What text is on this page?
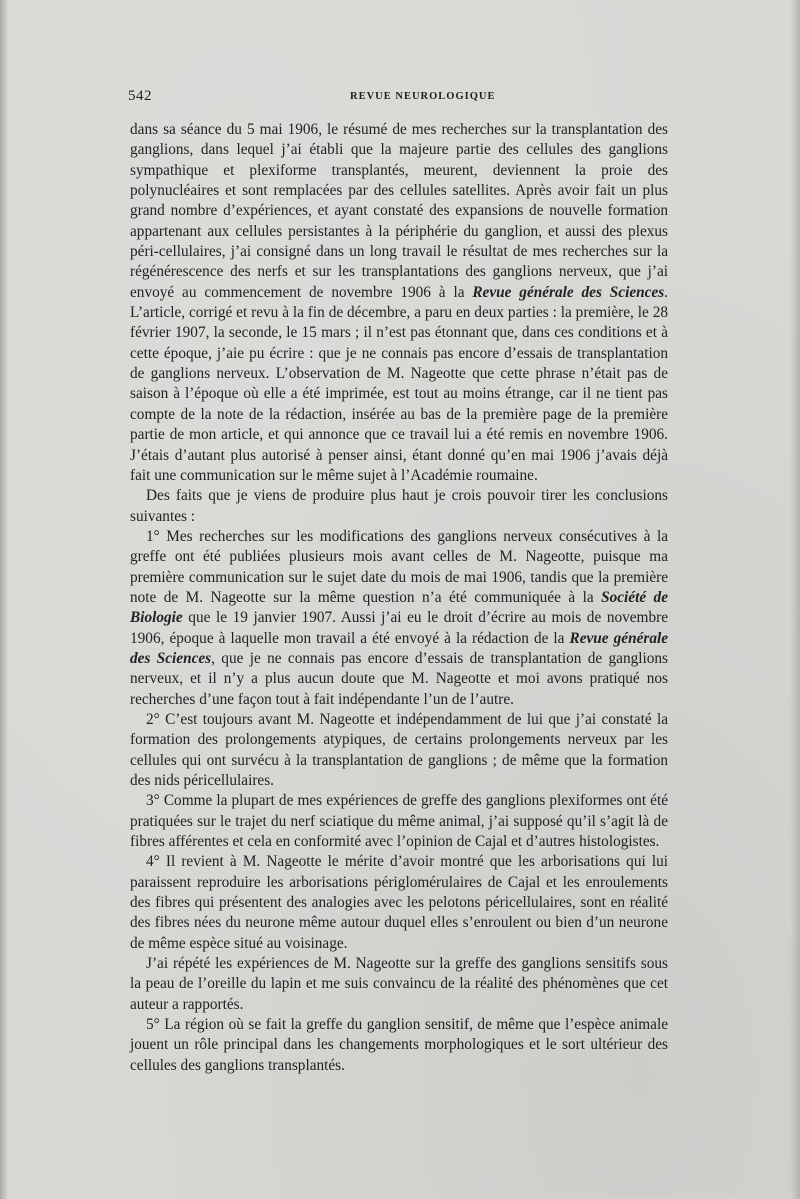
542	REVUE NEUROLOGIQUE

dans sa séance du 5 mai 1906, le résumé de mes recherches sur la transplantation des ganglions, dans lequel j’ai établi que la majeure partie des cellules des ganglions sympathique et plexiforme transplantés, meurent, deviennent la proie des polynucléaires et sont remplacées par des cellules satellites. Après avoir fait un plus grand nombre d’expériences, et ayant constaté des expansions de nouvelle formation appartenant aux cellules persistantes à la périphérie du ganglion, et aussi des plexus péri-cellulaires, j’ai consigné dans un long travail le résultat de mes recherches sur la régénérescence des nerfs et sur les transplantations des ganglions nerveux, que j’ai envoyé au commencement de novembre 1906 à la Revue générale des Sciences. L’article, corrigé et revu à la fin de décembre, a paru en deux parties : la première, le 28 février 1907, la seconde, le 15 mars ; il n’est pas étonnant que, dans ces conditions et à cette époque, j’aie pu écrire : que je ne connais pas encore d’essais de transplantation de ganglions nerveux. L’observation de M. Nageotte que cette phrase n’était pas de saison à l’époque où elle a été imprimée, est tout au moins étrange, car il ne tient pas compte de la note de la rédaction, insérée au bas de la première page de la première partie de mon article, et qui annonce que ce travail lui a été remis en novembre 1906. J’étais d’autant plus autorisé à penser ainsi, étant donné qu’en mai 1906 j’avais déjà fait une communication sur le même sujet à l’Académie roumaine.

Des faits que je viens de produire plus haut je crois pouvoir tirer les conclusions suivantes :

1° Mes recherches sur les modifications des ganglions nerveux consécutives à la greffe ont été publiées plusieurs mois avant celles de M. Nageotte, puisque ma première communication sur le sujet date du mois de mai 1906, tandis que la première note de M. Nageotte sur la même question n’a été communiquée à la Société de Biologie que le 19 janvier 1907. Aussi j’ai eu le droit d’écrire au mois de novembre 1906, époque à laquelle mon travail a été envoyé à la rédaction de la Revue générale des Sciences, que je ne connais pas encore d’essais de transplantation de ganglions nerveux, et il n’y a plus aucun doute que M. Nageotte et moi avons pratiqué nos recherches d’une façon tout à fait indépendante l’un de l’autre.

2° C’est toujours avant M. Nageotte et indépendamment de lui que j’ai constaté la formation des prolongements atypiques, de certains prolongements nerveux par les cellules qui ont survécu à la transplantation de ganglions ; de même que la formation des nids péricellulaires.

3° Comme la plupart de mes expériences de greffe des ganglions plexiformes ont été pratiquées sur le trajet du nerf sciatique du même animal, j’ai supposé qu’il s’agit là de fibres afférentes et cela en conformité avec l’opinion de Cajal et d’autres histologistes.

4° Il revient à M. Nageotte le mérite d’avoir montré que les arborisations qui lui paraissent reproduire les arborisations périglomérulaires de Cajal et les enroulements des fibres qui présentent des analogies avec les pelotons péricellulaires, sont en réalité des fibres nées du neurone même autour duquel elles s’enroulent ou bien d’un neurone de même espèce situé au voisinage.

J’ai répété les expériences de M. Nageotte sur la greffe des ganglions sensitifs sous la peau de l’oreille du lapin et me suis convaincu de la réalité des phénomènes que cet auteur a rapportés.

5° La région où se fait la greffe du ganglion sensitif, de même que l’espèce animale jouent un rôle principal dans les changements morphologiques et le sort ultérieur des cellules des ganglions transplantés.
